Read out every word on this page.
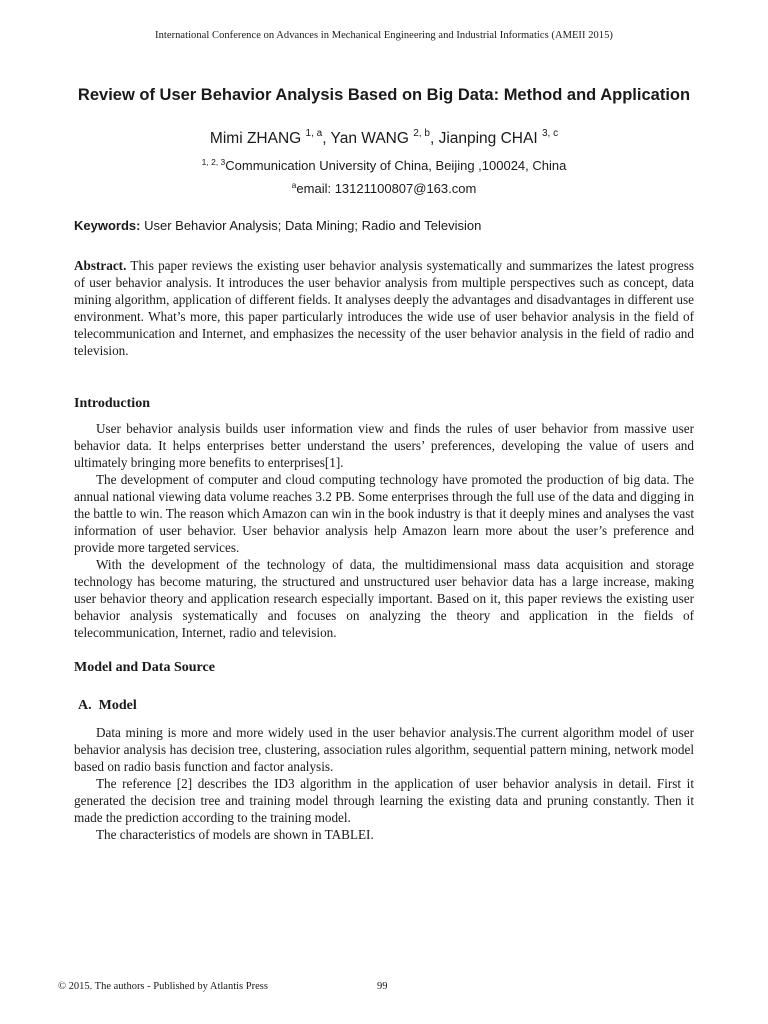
International Conference on Advances in Mechanical Engineering and Industrial Informatics (AMEII 2015)
Review of User Behavior Analysis Based on Big Data: Method and Application
Mimi ZHANG $^{1, a}$, Yan WANG $^{2, b}$, Jianping CHAI $^{3, c}$
$^{1, 2, 3}$Communication University of China, Beijing ,100024, China
$^a$email: 13121100807@163.com
Keywords: User Behavior Analysis; Data Mining; Radio and Television
Abstract. This paper reviews the existing user behavior analysis systematically and summarizes the latest progress of user behavior analysis. It introduces the user behavior analysis from multiple perspectives such as concept, data mining algorithm, application of different fields. It analyses deeply the advantages and disadvantages in different use environment. What’s more, this paper particularly introduces the wide use of user behavior analysis in the field of telecommunication and Internet, and emphasizes the necessity of the user behavior analysis in the field of radio and television.
Introduction

User behavior analysis builds user information view and finds the rules of user behavior from massive user behavior data. It helps enterprises better understand the users’ preferences, developing the value of users and ultimately bringing more benefits to enterprises[1].

The development of computer and cloud computing technology have promoted the production of big data. The annual national viewing data volume reaches 3.2 PB. Some enterprises through the full use of the data and digging in the battle to win. The reason which Amazon can win in the book industry is that it deeply mines and analyses the vast information of user behavior. User behavior analysis help Amazon learn more about the user’s preference and provide more targeted services.

With the development of the technology of data, the multidimensional mass data acquisition and storage technology has become maturing, the structured and unstructured user behavior data has a large increase, making user behavior theory and application research especially important. Based on it, this paper reviews the existing user behavior analysis systematically and focuses on analyzing the theory and application in the fields of telecommunication, Internet, radio and television.

Model and Data Source
A.  Model

Data mining is more and more widely used in the user behavior analysis.The current algorithm model of user behavior analysis has decision tree, clustering, association rules algorithm, sequential pattern mining, network model based on radio basis function and factor analysis.

The reference [2] describes the ID3 algorithm in the application of user behavior analysis in detail. First it generated the decision tree and training model through learning the existing data and pruning constantly. Then it made the prediction according to the training model.

The characteristics of models are shown in TABLEI.

© 2015. The authors - Published by Atlantis Press	99
